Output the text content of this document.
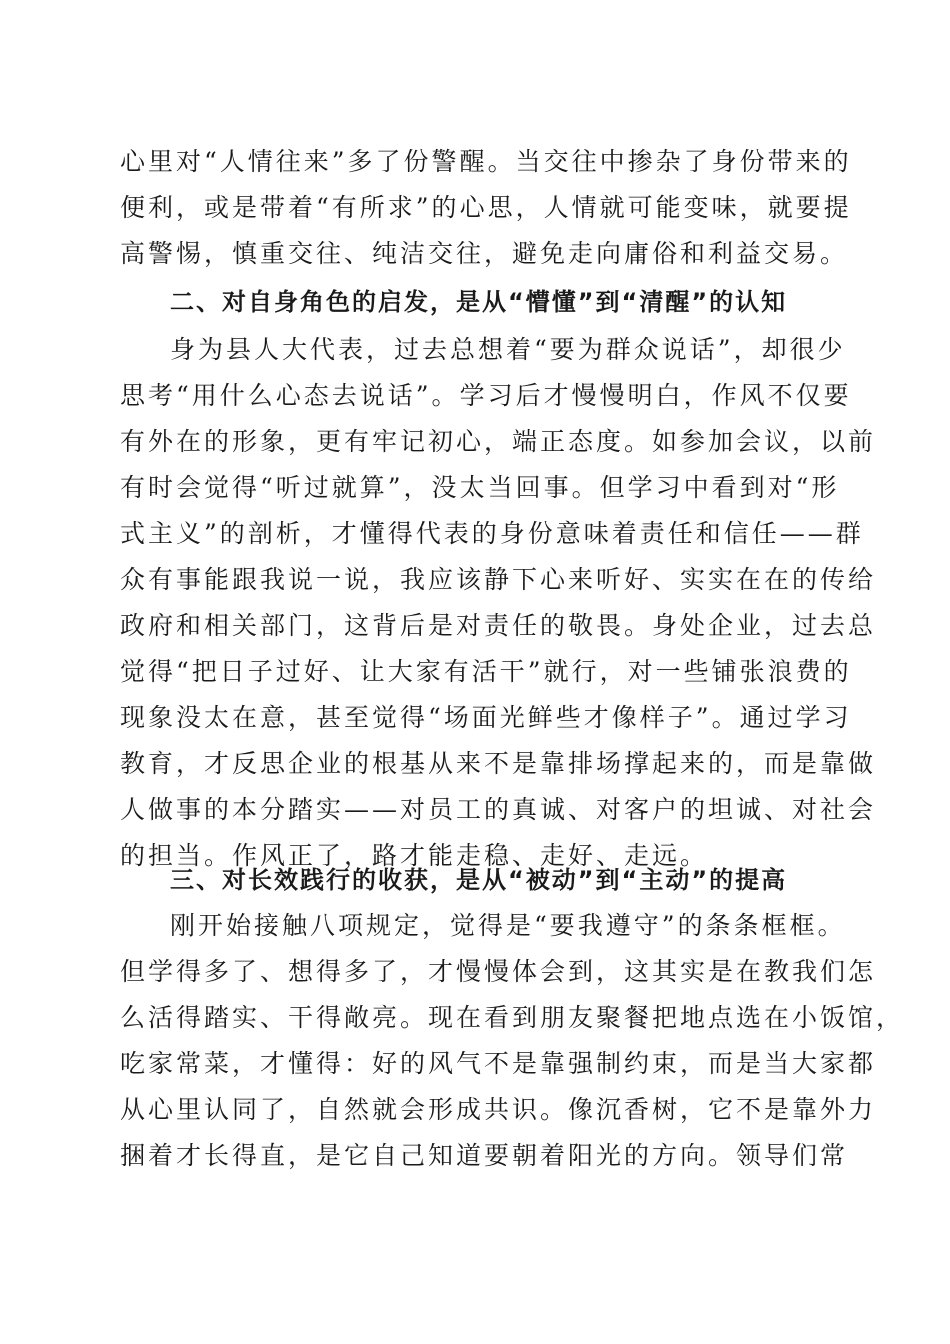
心里对“人情往来”多了份警醒。当交往中掺杂了身份带来的
便利，或是带着“有所求”的心思，人情就可能变味，就要提
高警惕，慎重交往、纯洁交往，避免走向庸俗和利益交易。
二、对自身角色的启发，是从“懵懂”到“清醒”的认知
身为县人大代表，过去总想着“要为群众说话”，却很少
思考“用什么心态去说话”。学习后才慢慢明白，作风不仅要
有外在的形象，更有牢记初心，端正态度。如参加会议，以前
有时会觉得“听过就算”，没太当回事。但学习中看到对“形
式主义”的剖析，才懂得代表的身份意味着责任和信任——群
众有事能跟我说一说，我应该静下心来听好、实实在在的传给
政府和相关部门，这背后是对责任的敬畏。身处企业，过去总
觉得“把日子过好、让大家有活干”就行，对一些铺张浪费的
现象没太在意，甚至觉得“场面光鲜些才像样子”。通过学习
教育，才反思企业的根基从来不是靠排场撑起来的，而是靠做
人做事的本分踏实——对员工的真诚、对客户的坦诚、对社会
的担当。作风正了，路才能走稳、走好、走远。
三、对长效践行的收获，是从“被动”到“主动”的提高
刚开始接触八项规定，觉得是“要我遵守”的条条框框。
但学得多了、想得多了，才慢慢体会到，这其实是在教我们怎
么活得踏实、干得敞亮。现在看到朋友聚餐把地点选在小饭馆，
吃家常菜，才懂得：好的风气不是靠强制约束，而是当大家都
从心里认同了，自然就会形成共识。像沉香树，它不是靠外力
捆着才长得直，是它自己知道要朝着阳光的方向。领导们常
